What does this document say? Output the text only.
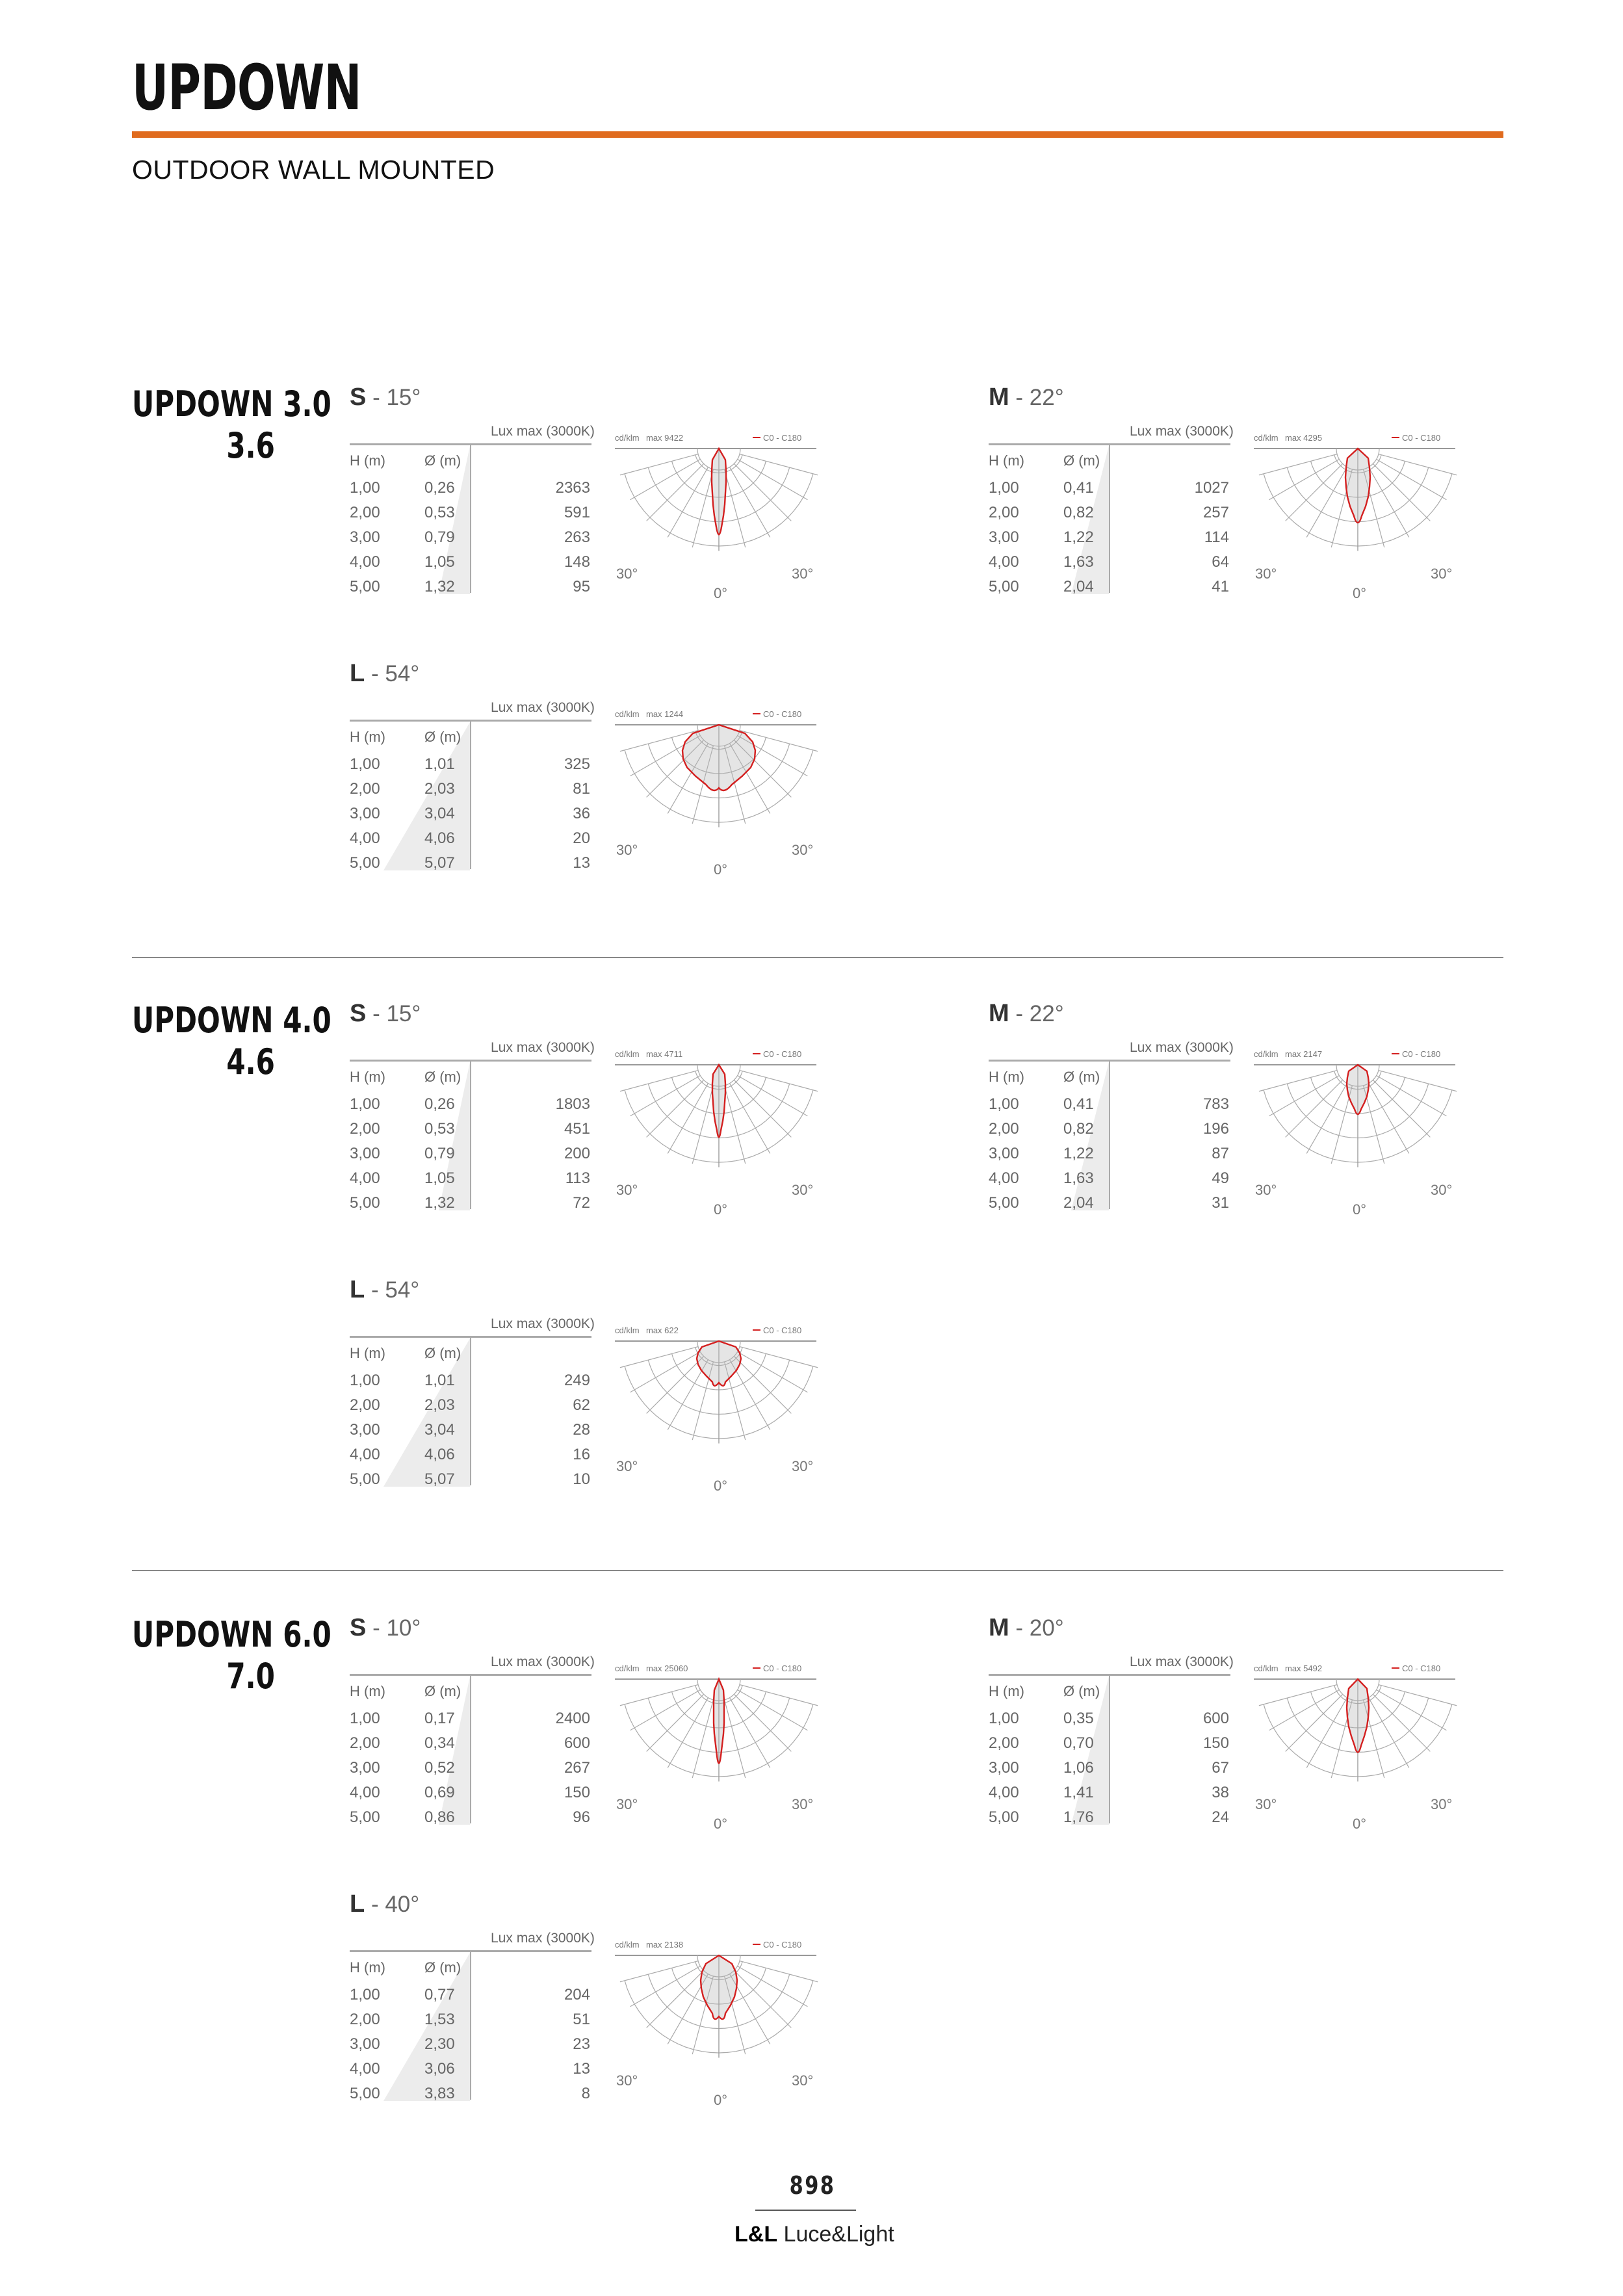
UPDOWN
OUTDOOR WALL MOUNTED
UPDOWN 3.0
3.6
S - 15°
Lux max (3000K)
H (m)	Ø (m)
1,00	0,26	2363
2,00	0,53	591
3,00	0,79	263
4,00	1,05	148
5,00	1,32	95
cd/klm max 9422	C0 - C180
30°	30°
0°
M - 22°
Lux max (3000K)
H (m)	Ø (m)
1,00	0,41	1027
2,00	0,82	257
3,00	1,22	114
4,00	1,63	64
5,00	2,04	41
cd/klm max 4295	C0 - C180
30°	30°
0°
L - 54°
Lux max (3000K)
H (m)	Ø (m)
1,00	1,01	325
2,00	2,03	81
3,00	3,04	36
4,00	4,06	20
5,00	5,07	13
cd/klm max 1244	C0 - C180
30°	30°
0°
UPDOWN 4.0
4.6
S - 15°
Lux max (3000K)
H (m)	Ø (m)
1,00	0,26	1803
2,00	0,53	451
3,00	0,79	200
4,00	1,05	113
5,00	1,32	72
cd/klm max 4711	C0 - C180
30°	30°
0°
M - 22°
Lux max (3000K)
H (m)	Ø (m)
1,00	0,41	783
2,00	0,82	196
3,00	1,22	87
4,00	1,63	49
5,00	2,04	31
cd/klm max 2147	C0 - C180
30°	30°
0°
L - 54°
Lux max (3000K)
H (m)	Ø (m)
1,00	1,01	249
2,00	2,03	62
3,00	3,04	28
4,00	4,06	16
5,00	5,07	10
cd/klm max 622	C0 - C180
30°	30°
0°
UPDOWN 6.0
7.0
S - 10°
Lux max (3000K)
H (m)	Ø (m)
1,00	0,17	2400
2,00	0,34	600
3,00	0,52	267
4,00	0,69	150
5,00	0,86	96
cd/klm max 25060	C0 - C180
30°	30°
0°
M - 20°
Lux max (3000K)
H (m)	Ø (m)
1,00	0,35	600
2,00	0,70	150
3,00	1,06	67
4,00	1,41	38
5,00	1,76	24
cd/klm max 5492	C0 - C180
30°	30°
0°
L - 40°
Lux max (3000K)
H (m)	Ø (m)
1,00	0,77	204
2,00	1,53	51
3,00	2,30	23
4,00	3,06	13
5,00	3,83	8
cd/klm max 2138	C0 - C180
30°	30°
0°
898
L&L Luce&Light
